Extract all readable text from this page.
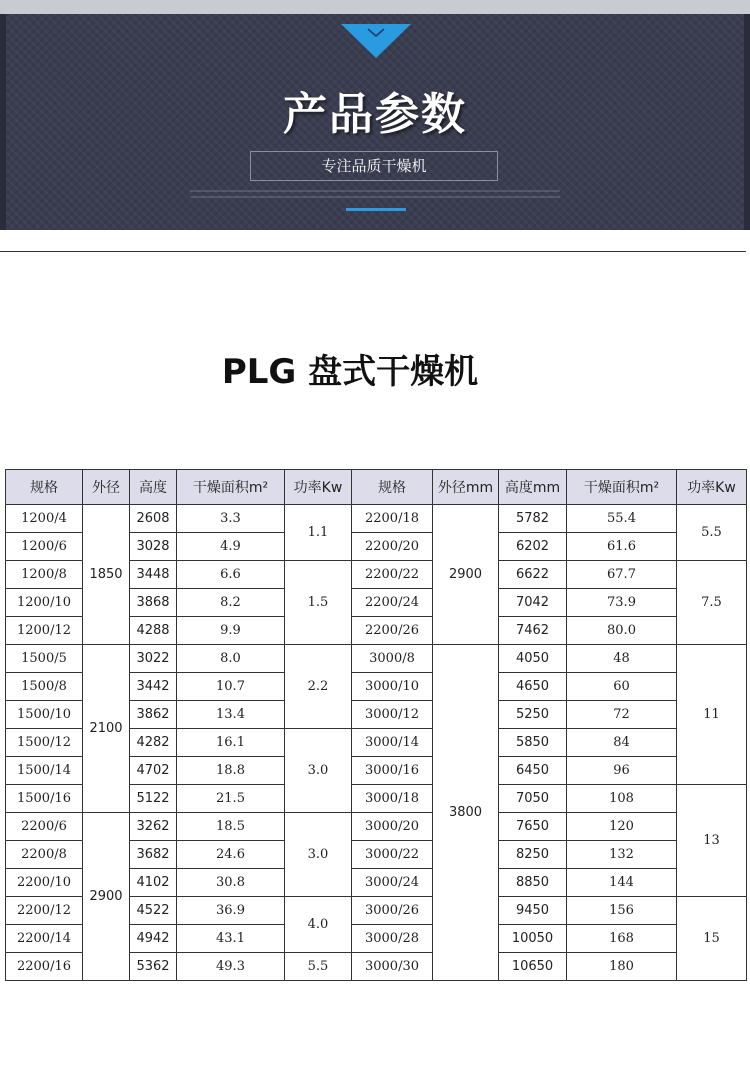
产品参数
专注品质干燥机
PLG 盘式干燥机
规格	外径	高度	干燥面积m²	功率Kw	规格	外径mm	高度mm	干燥面积m²	功率Kw
1200/4	1850	2608	3.3	1.1	2200/18	2900	5782	55.4	5.5
1200/6		3028	4.9		2200/20		6202	61.6	
1200/8		3448	6.6	1.5	2200/22		6622	67.7	7.5
1200/10		3868	8.2		2200/24		7042	73.9	
1200/12		4288	9.9		2200/26		7462	80.0	
1500/5	2100	3022	8.0	2.2	3000/8	3800	4050	48	11
1500/8		3442	10.7		3000/10		4650	60	
1500/10		3862	13.4		3000/12		5250	72	
1500/12		4282	16.1	3.0	3000/14		5850	84	
1500/14		4702	18.8		3000/16		6450	96	
1500/16		5122	21.5		3000/18		7050	108	13
2200/6	2900	3262	18.5	3.0	3000/20		7650	120	
2200/8		3682	24.6		3000/22		8250	132	
2200/10		4102	30.8		3000/24		8850	144	
2200/12		4522	36.9	4.0	3000/26		9450	156	15
2200/14		4942	43.1		3000/28		10050	168	
2200/16		5362	49.3	5.5	3000/30		10650	180	
